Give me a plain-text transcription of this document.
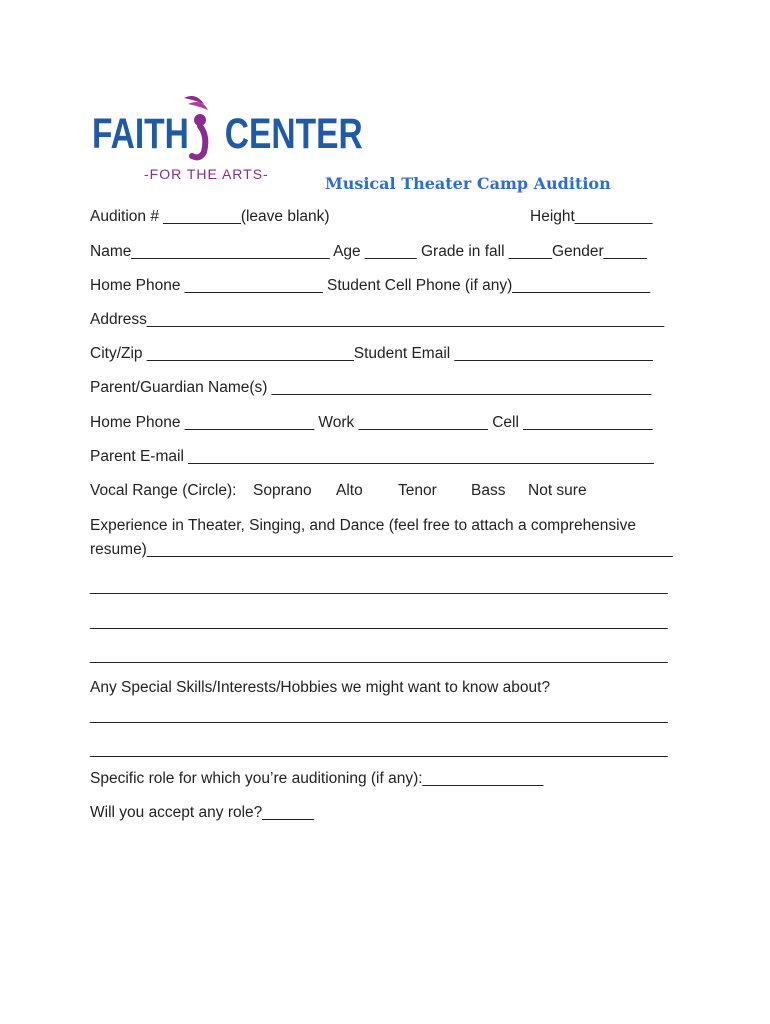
FAITH CENTER
-FOR THE ARTS-	Musical Theater Camp Audition
Audition # _________(leave blank)	Height_________
Name_______________________ Age ______ Grade in fall _____Gender_____
Home Phone ________________ Student Cell Phone (if any)________________
Address____________________________________________________________
City/Zip ________________________Student Email _______________________
Parent/Guardian Name(s) ____________________________________________
Home Phone _______________ Work _______________ Cell _______________
Parent E-mail ______________________________________________________
Vocal Range (Circle): Soprano Alto Tenor Bass Not sure
Experience in Theater, Singing, and Dance (feel free to attach a comprehensive
resume)_____________________________________________________________
___________________________________________________________________
___________________________________________________________________
___________________________________________________________________
Any Special Skills/Interests/Hobbies we might want to know about?
___________________________________________________________________
___________________________________________________________________
Specific role for which you’re auditioning (if any):______________
Will you accept any role?______
